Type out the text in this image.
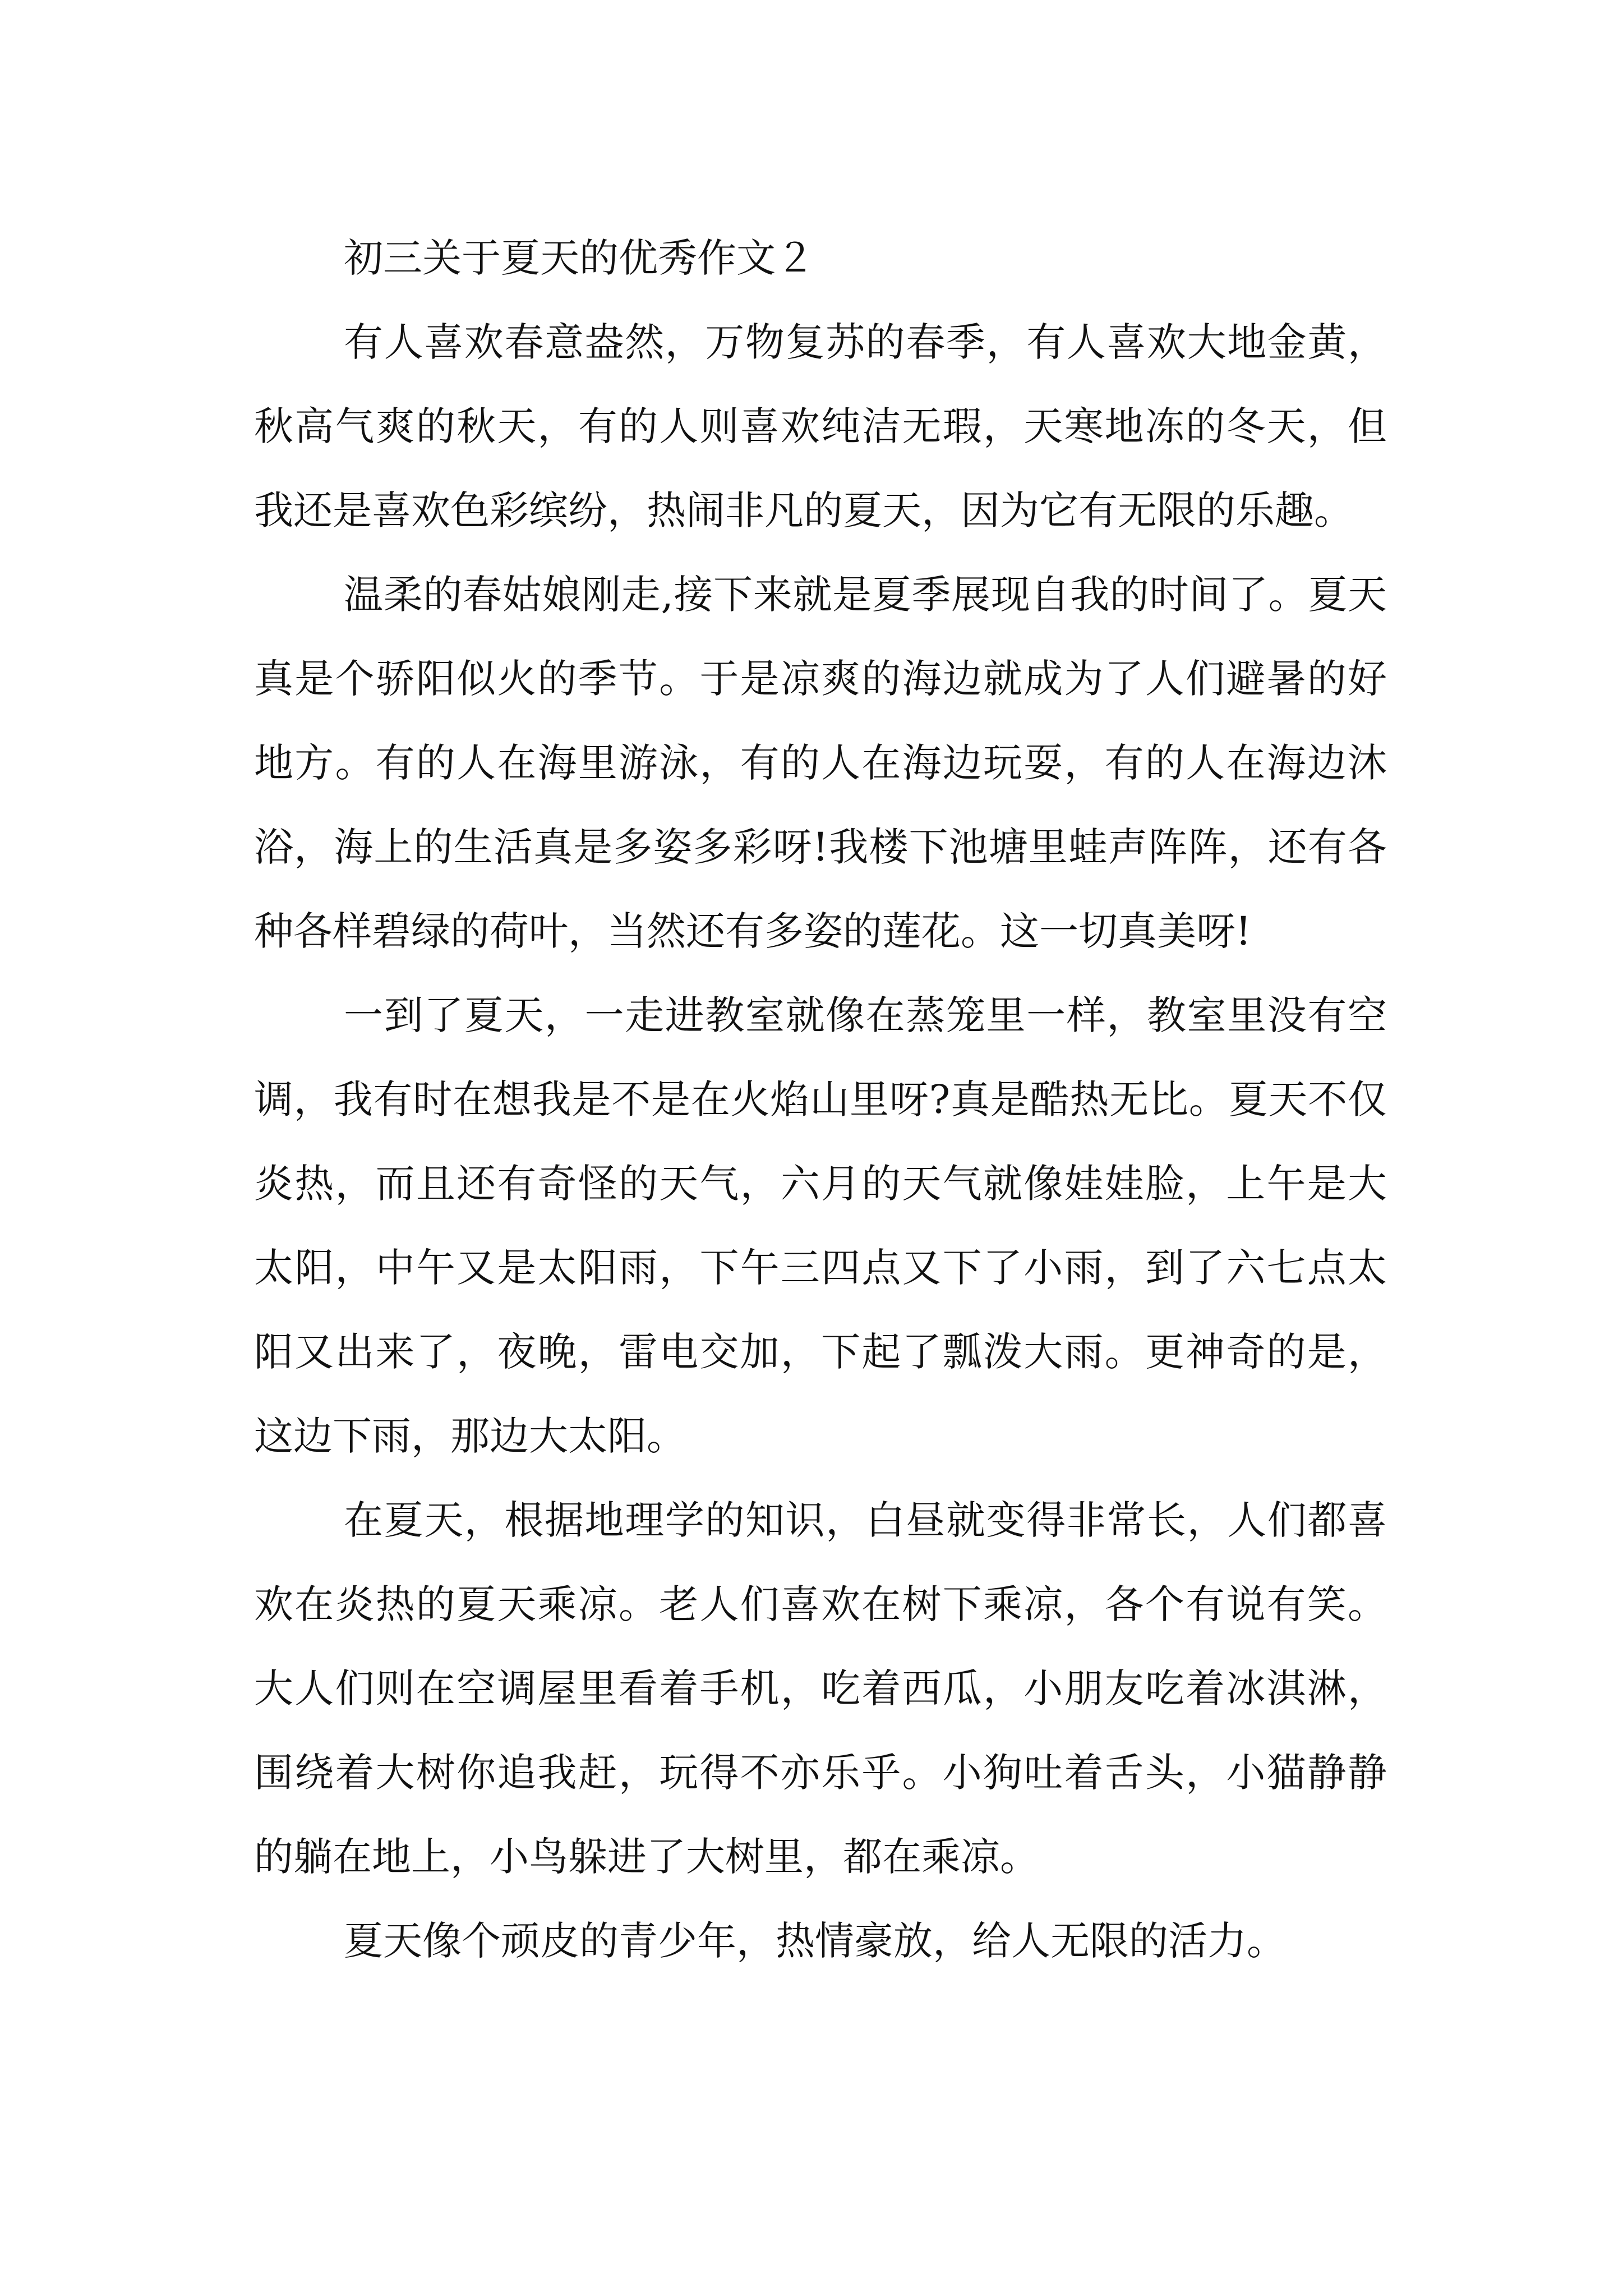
初三关于夏天的优秀作文２

有人喜欢春意盎然，万物复苏的春季，有人喜欢大地金黄，秋高气爽的秋天，有的人则喜欢纯洁无瑕，天寒地冻的冬天，但我还是喜欢色彩缤纷，热闹非凡的夏天，因为它有无限的乐趣。

温柔的春姑娘刚走,接下来就是夏季展现自我的时间了。夏天真是个骄阳似火的季节。于是凉爽的海边就成为了人们避暑的好地方。有的人在海里游泳，有的人在海边玩耍，有的人在海边沐浴，海上的生活真是多姿多彩呀!我楼下池塘里蛙声阵阵，还有各种各样碧绿的荷叶，当然还有多姿的莲花。这一切真美呀!

一到了夏天，一走进教室就像在蒸笼里一样，教室里没有空调，我有时在想我是不是在火焰山里呀?真是酷热无比。夏天不仅炎热，而且还有奇怪的天气，六月的天气就像娃娃脸，上午是大太阳，中午又是太阳雨，下午三四点又下了小雨，到了六七点太阳又出来了，夜晚，雷电交加，下起了瓢泼大雨。更神奇的是，这边下雨，那边大太阳。

在夏天，根据地理学的知识，白昼就变得非常长，人们都喜欢在炎热的夏天乘凉。老人们喜欢在树下乘凉，各个有说有笑。大人们则在空调屋里看着手机，吃着西瓜，小朋友吃着冰淇淋，围绕着大树你追我赶，玩得不亦乐乎。小狗吐着舌头，小猫静静的躺在地上，小鸟躲进了大树里，都在乘凉。

夏天像个顽皮的青少年，热情豪放，给人无限的活力。
